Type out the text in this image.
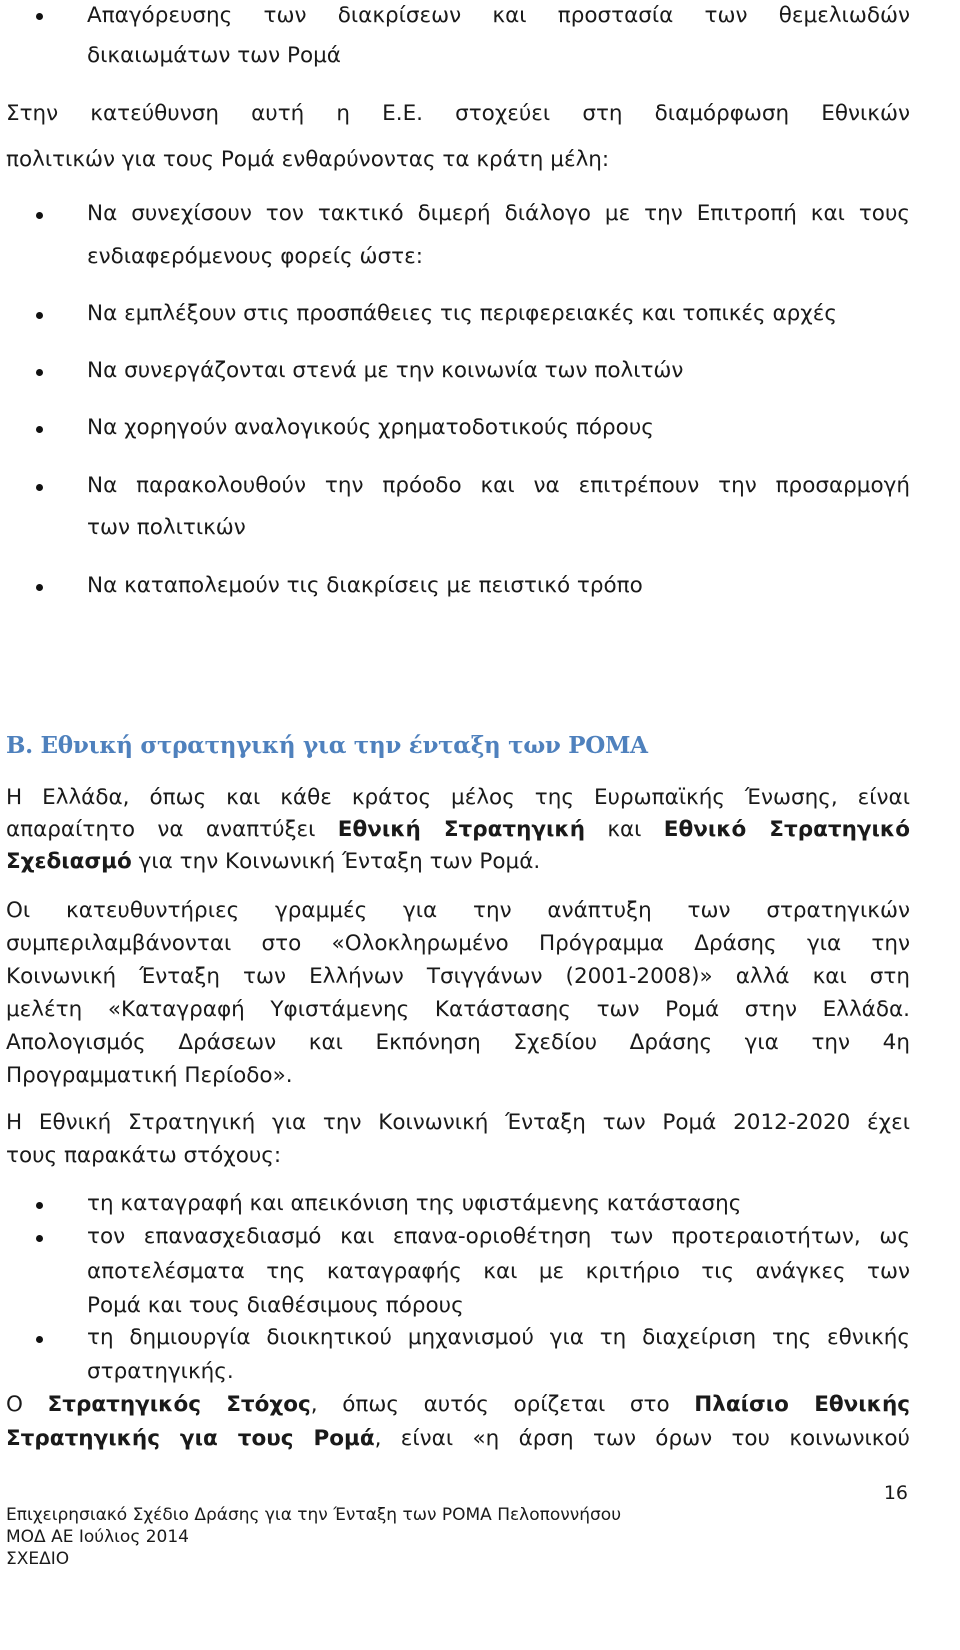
Απαγόρευσης των διακρίσεων και προστασία των θεμελιωδών
δικαιωμάτων των Ρομά
Στην κατεύθυνση αυτή η Ε.Ε. στοχεύει στη διαμόρφωση Εθνικών
πολιτικών για τους Ρομά ενθαρύνοντας τα κράτη μέλη:
Να συνεχίσουν τον τακτικό διμερή διάλογο με την Επιτροπή και τους
ενδιαφερόμενους φορείς ώστε:
Να εμπλέξουν στις προσπάθειες τις περιφερειακές και τοπικές αρχές
Να συνεργάζονται στενά με την κοινωνία των πολιτών
Να χορηγούν αναλογικούς χρηματοδοτικούς πόρους
Να παρακολουθούν την πρόοδο και να επιτρέπουν την προσαρμογή
των πολιτικών
Να καταπολεμούν τις διακρίσεις με πειστικό τρόπο
Β. Εθνική στρατηγική για την ένταξη των ΡΟΜΑ
Η Ελλάδα, όπως και κάθε κράτος μέλος της Ευρωπαϊκής Ένωσης, είναι
απαραίτητο να αναπτύξει Εθνική Στρατηγική και Εθνικό Στρατηγικό
Σχεδιασμό για την Κοινωνική Ένταξη των Ρομά.
Οι κατευθυντήριες γραμμές για την ανάπτυξη των στρατηγικών
συμπεριλαμβάνονται στο «Ολοκληρωμένο Πρόγραμμα Δράσης για την
Κοινωνική Ένταξη των Ελλήνων Τσιγγάνων (2001-2008)» αλλά και στη
μελέτη «Καταγραφή Υφιστάμενης Κατάστασης των Ρομά στην Ελλάδα.
Απολογισμός Δράσεων και Εκπόνηση Σχεδίου Δράσης για την 4η
Προγραμματική Περίοδο».
Η Εθνική Στρατηγική για την Κοινωνική Ένταξη των Ρομά 2012-2020 έχει
τους παρακάτω στόχους:
τη καταγραφή και απεικόνιση της υφιστάμενης κατάστασης
τον επανασχεδιασμό και επανα-οριοθέτηση των προτεραιοτήτων, ως
αποτελέσματα της καταγραφής και με κριτήριο τις ανάγκες των
Ρομά και τους διαθέσιμους πόρους
τη δημιουργία διοικητικού μηχανισμού για τη διαχείριση της εθνικής
στρατηγικής.
Ο Στρατηγικός Στόχος, όπως αυτός ορίζεται στο Πλαίσιο Εθνικής
Στρατηγικής για τους Ρομά, είναι «η άρση των όρων του κοινωνικού
16
Επιχειρησιακό Σχέδιο Δράσης για την Ένταξη των ΡΟΜΑ Πελοποννήσου
ΜΟΔ ΑΕ Ιούλιος 2014
ΣΧΕΔΙΟ
